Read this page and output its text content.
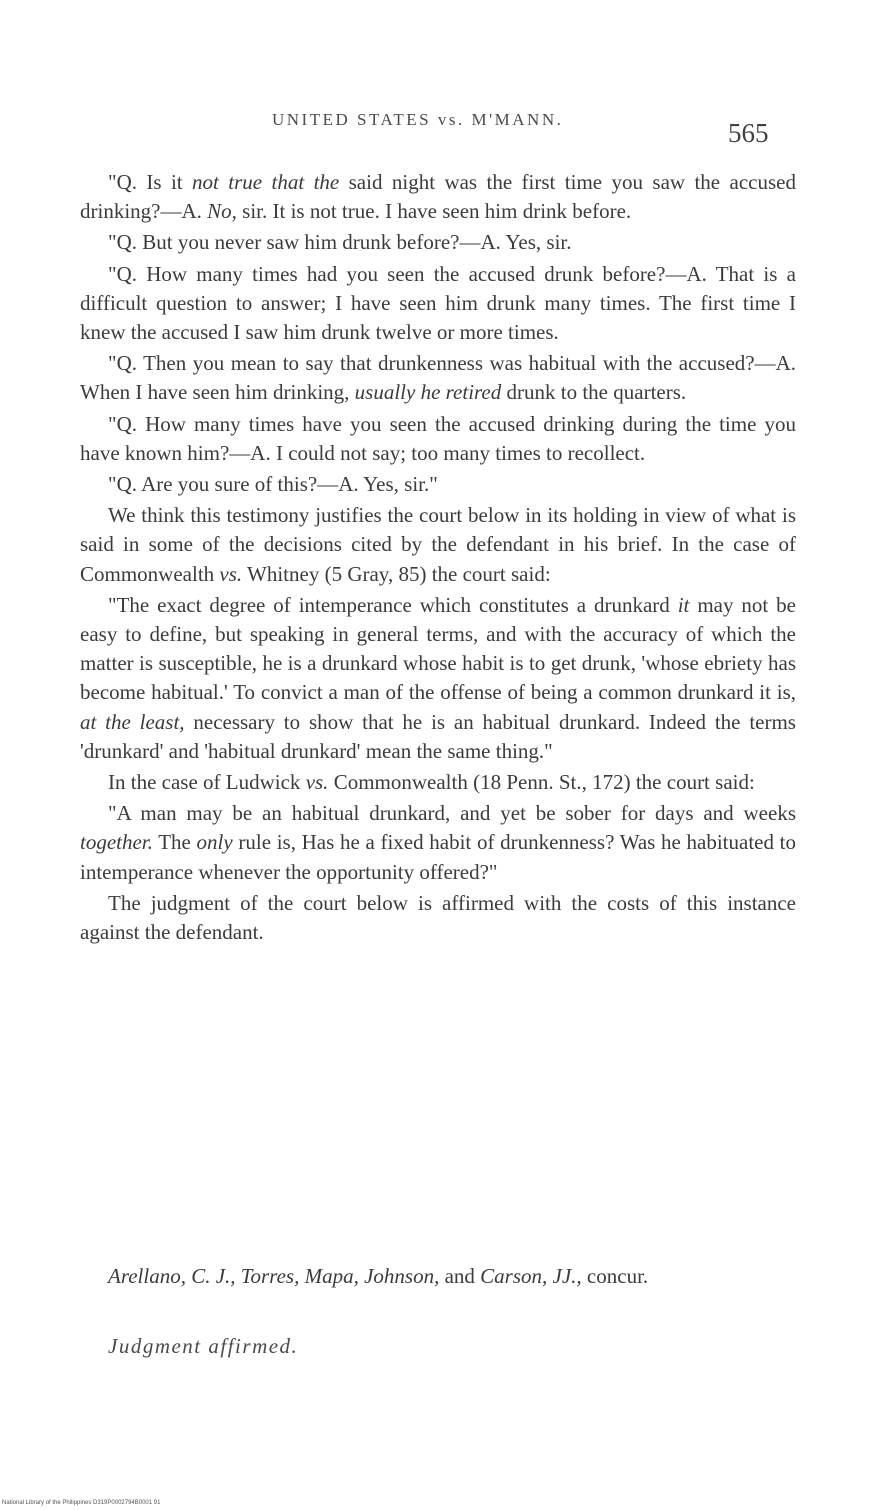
UNITED STATES vs. M'MANN.	565

"Q. Is it not true that the said night was the first time you saw the accused drinking?—A. No, sir. It is not true. I have seen him drink before.

"Q. But you never saw him drunk before?—A. Yes, sir.

"Q. How many times had you seen the accused drunk before?—A. That is a difficult question to answer; I have seen him drunk many times. The first time I knew the accused I saw him drunk twelve or more times.

"Q. Then you mean to say that drunkenness was habitual with the accused?—A. When I have seen him drinking, usually he retired drunk to the quarters.

"Q. How many times have you seen the accused drinking during the time you have known him?—A. I could not say; too many times to recollect.

"Q. Are you sure of this?—A. Yes, sir."

We think this testimony justifies the court below in its holding in view of what is said in some of the decisions cited by the defendant in his brief. In the case of Commonwealth vs. Whitney (5 Gray, 85) the court said:

"The exact degree of intemperance which constitutes a drunkard it may not be easy to define, but speaking in general terms, and with the accuracy of which the matter is susceptible, he is a drunkard whose habit is to get drunk, 'whose ebriety has become habitual.' To convict a man of the offense of being a common drunkard it is, at the least, necessary to show that he is an habitual drunkard. Indeed the terms 'drunkard' and 'habitual drunkard' mean the same thing."

In the case of Ludwick vs. Commonwealth (18 Penn. St., 172) the court said:

"A man may be an habitual drunkard, and yet be sober for days and weeks together. The only rule is, Has he a fixed habit of drunkenness? Was he habituated to intemperance whenever the opportunity offered?"

The judgment of the court below is affirmed with the costs of this instance against the defendant.

Arellano, C. J., Torres, Mapa, Johnson, and Carson, JJ., concur.

Judgment affirmed.
National Library of the Philippines D319P0002794B0001 91
